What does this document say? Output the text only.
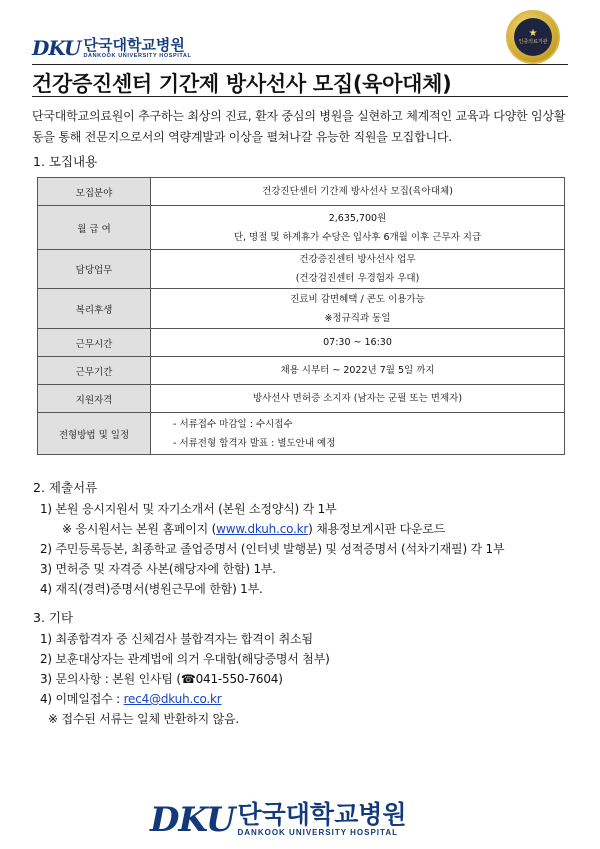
DKU 단국대학교병원
DANKOOK UNIVERSITY HOSPITAL
★
인증의료기관
건강증진센터 기간제 방사선사 모집(육아대체)
단국대학교의료원이 추구하는 최상의 진료, 환자 중심의 병원을 실현하고 체계적인 교육과 다양한 임상활동을 통해 전문지으로서의 역량계발과 이상을 펼쳐나갈 유능한 직원을 모집합니다.
1. 모집내용
모집분야	건강진단센터 기간제 방사선사 모집(육아대체)

월 급 여	2,635,700원
단, 명절 및 하계휴가 수당은 입사후 6개월 이후 근무자 지급

담당업무	건강증진센터 방사선사 업무
(건강검진센터 우경험자 우대)

복리후생	진료비 감면혜택 / 콘도 이용가능
※정규직과 동일

근무시간	07:30 ~ 16:30

근무기간	채용 시부터 ~ 2022년 7월 5일 까지

지원자격	방사선사 면허증 소지자 (남자는 군필 또는 면제자)

전형방법 및 일정	- 서류접수 마감일 : 수시접수
- 서류전형 합격자 발표 : 별도안내 예정
2. 제출서류
1) 본원 응시지원서 및 자기소개서 (본원 소정양식) 각 1부
※ 응시원서는 본원 홈페이지 (www.dkuh.co.kr) 채용정보게시판 다운로드
2) 주민등록등본, 최종학교 졸업증명서 (인터넷 발행분) 및 성적증명서 (석차기재필) 각 1부
3) 면허증 및 자격증 사본(해당자에 한함) 1부.
4) 재직(경력)증명서(병원근무에 한함) 1부.
3. 기타
1) 최종합격자 중 신체검사 불합격자는 합격이 취소됨
2) 보훈대상자는 관계법에 의거 우대함(해당증명서 첨부)
3) 문의사항 : 본원 인사팀 (☎041-550-7604)
4) 이메일접수 : rec4@dkuh.co.kr
※ 접수된 서류는 일체 반환하지 않음.
DKU 단국대학교병원
DANKOOK UNIVERSITY HOSPITAL
